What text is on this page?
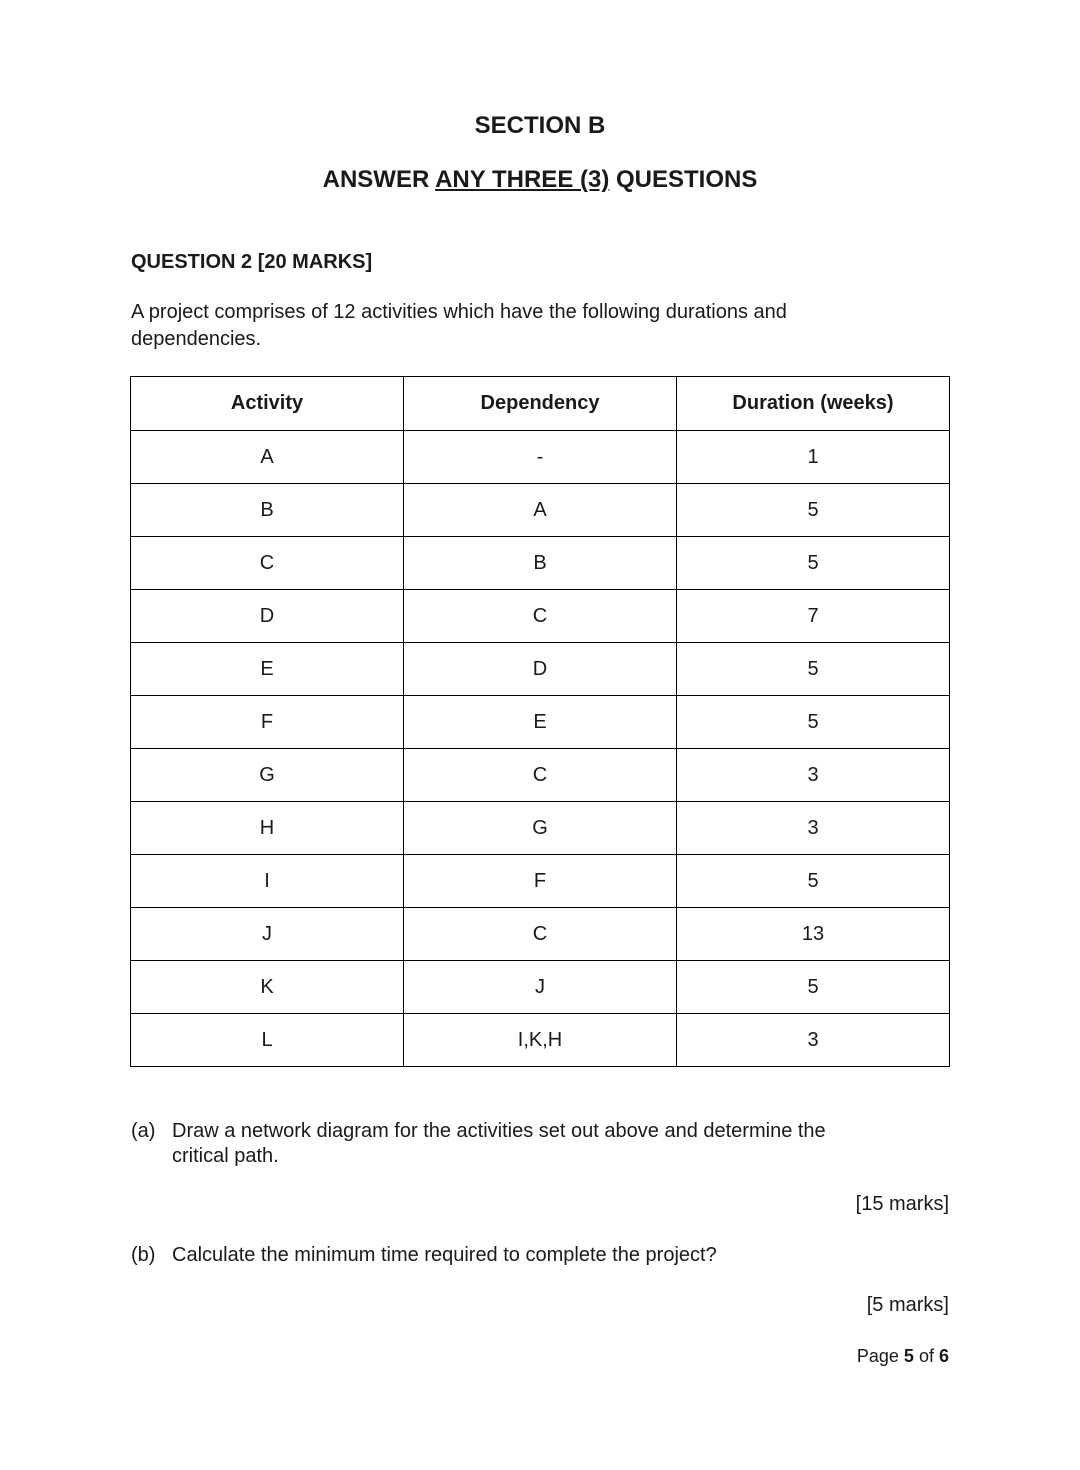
SECTION B
ANSWER ANY THREE (3) QUESTIONS
QUESTION 2 [20 MARKS]
A project comprises of 12 activities which have the following durations and dependencies.
Activity	Dependency	Duration (weeks)
A	-	1
B	A	5
C	B	5
D	C	7
E	D	5
F	E	5
G	C	3
H	G	3
I	F	5
J	C	13
K	J	5
L	I,K,H	3
(a) Draw a network diagram for the activities set out above and determine the
critical path.
[15 marks]
(b) Calculate the minimum time required to complete the project?
[5 marks]
Page 5 of 6
